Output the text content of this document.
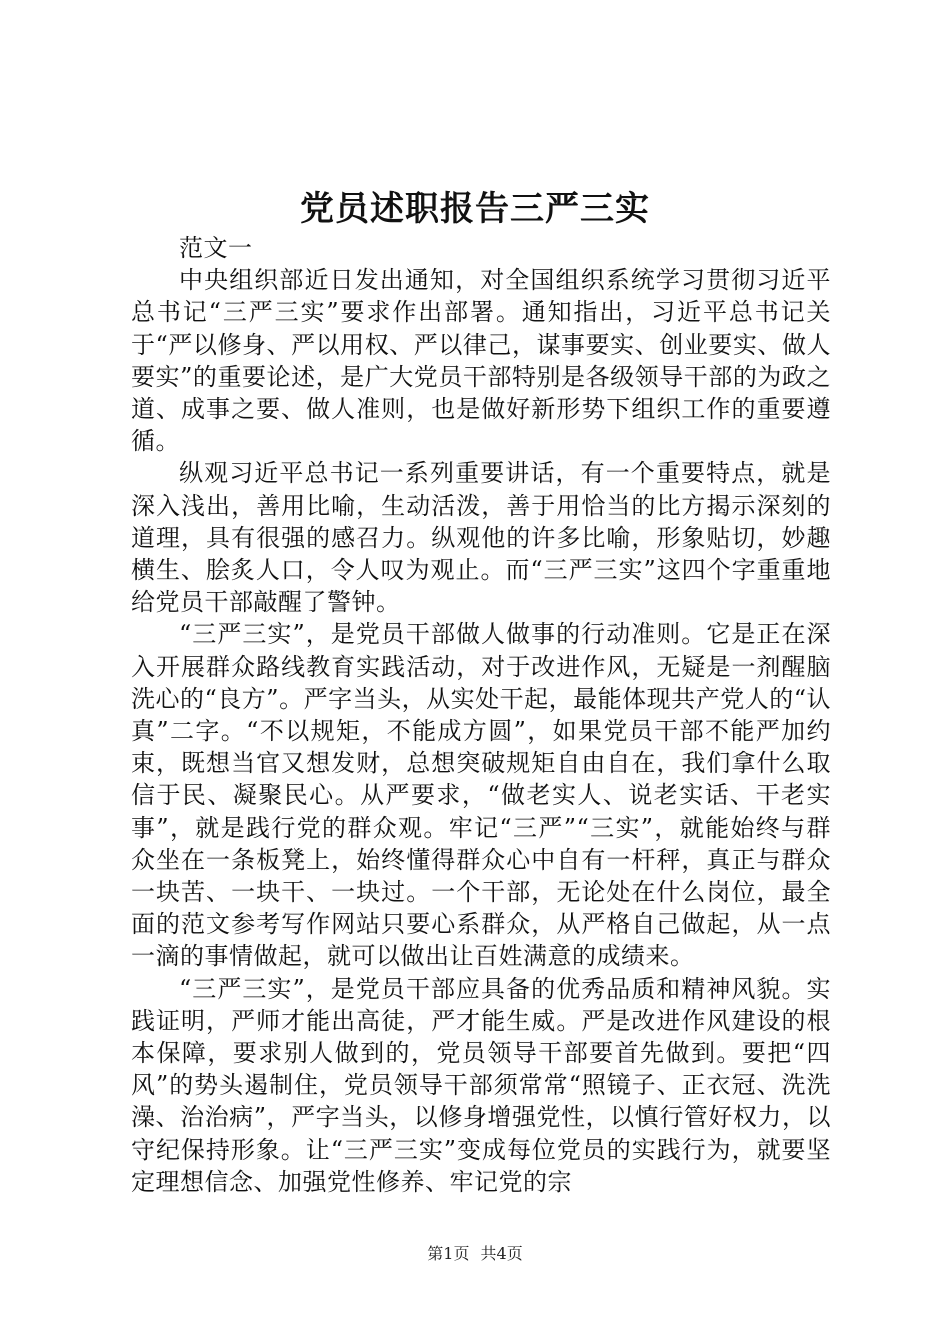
党员述职报告三严三实

范文一

中央组织部近日发出通知，对全国组织系统学习贯彻习近平总书记“三严三实”要求作出部署。通知指出，习近平总书记关于“严以修身、严以用权、严以律己，谋事要实、创业要实、做人要实”的重要论述，是广大党员干部特别是各级领导干部的为政之道、成事之要、做人准则，也是做好新形势下组织工作的重要遵循。

纵观习近平总书记一系列重要讲话，有一个重要特点，就是深入浅出，善用比喻，生动活泼，善于用恰当的比方揭示深刻的道理，具有很强的感召力。纵观他的许多比喻，形象贴切，妙趣横生、脍炙人口，令人叹为观止。而“三严三实”这四个字重重地给党员干部敲醒了警钟。

“三严三实”，是党员干部做人做事的行动准则。它是正在深入开展群众路线教育实践活动，对于改进作风，无疑是一剂醒脑洗心的“良方”。严字当头，从实处干起，最能体现共产党人的“认真”二字。“不以规矩，不能成方圆”，如果党员干部不能严加约束，既想当官又想发财，总想突破规矩自由自在，我们拿什么取信于民、凝聚民心。从严要求，“做老实人、说老实话、干老实事”，就是践行党的群众观。牢记“三严”“三实”，就能始终与群众坐在一条板凳上，始终懂得群众心中自有一杆秤，真正与群众一块苦、一块干、一块过。一个干部，无论处在什么岗位，最全面的范文参考写作网站只要心系群众，从严格自己做起，从一点一滴的事情做起，就可以做出让百姓满意的成绩来。

“三严三实”，是党员干部应具备的优秀品质和精神风貌。实践证明，严师才能出高徒，严才能生威。严是改进作风建设的根本保障，要求别人做到的，党员领导干部要首先做到。要把“四风”的势头遏制住，党员领导干部须常常“照镜子、正衣冠、洗洗澡、治治病”，严字当头，以修身增强党性，以慎行管好权力，以守纪保持形象。让“三严三实”变成每位党员的实践行为，就要坚定理想信念、加强党性修养、牢记党的宗

第1页 共4页
